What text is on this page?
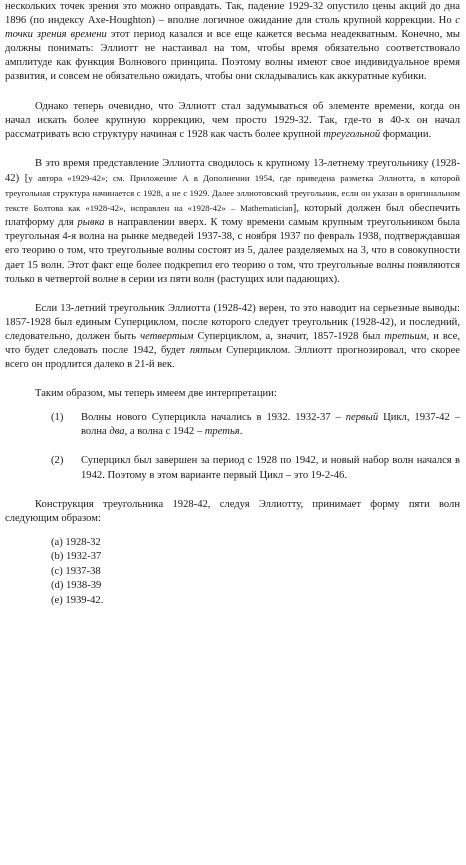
нескольких точек зрения это можно оправдать. Так, падение 1929-32 опустило цены акций до дна 1896 (по индексу Axe-Houghton) – вполне логичное ожидание для столь крупной коррекции. Но с точки зрения времени этот период казался и все еще кажется весьма неадекватным. Конечно, мы должны понимать: Эллиотт не настаивал на том, чтобы время обязательно соответствовало амплитуде как функция Волнового принципа. Поэтому волны имеют свое индивидуальное время развития, и совсем не обязательно ожидать, чтобы они складывались как аккуратные кубики.

Однако теперь очевидно, что Эллиотт стал задумываться об элементе времени, когда он начал искать более крупную коррекцию, чем просто 1929-32. Так, где-то в 40-х он начал рассматривать всю структуру начиная с 1928 как часть более крупной треугольной формации.

В это время представление Эллиотта сводилось к крупному 13-летнему треугольнику (1928-42) [у автора «1929-42»; см. Приложение А в Дополнении 1954, где приведена разметка Эллиотта, в которой треугольная структура начинается с 1928, а не с 1929. Далее эллиотовский треугольник, если он указан в оригинальном тексте Болтова как «1928-42», исправлен на «1928-42» – Mathematician], который должен был обеспечить платформу для рывка в направлении вверх. К тому времени самым крупным треугольником была треугольная 4-я волна на рынке медведей 1937-38, с ноября 1937 по февраль 1938, подтверждавшая его теорию о том, что треугольные волны состоят из 5, далее разделяемых на 3, что в совокупности дает 15 волн. Этот факт еще более подкрепил его теорию о том, что треугольные волны появляются только в четвертой волне в серии из пяти волн (растущих или падающих).

Если 13-летний треугольник Эллиотта (1928-42) верен, то это наводит на серьезные выводы: 1857-1928 был единым Суперциклом, после которого следует треугольник (1928-42), и последний, следовательно, должен быть четвертым Суперциклом, а, значит, 1857-1928 был третьим, и все, что будет следовать после 1942, будет пятым Суперциклом. Эллиотт прогнозировал, что скорее всего он продлится далеко в 21-й век.

Таким образом, мы теперь имеем две интерпретации:

(1)	Волны нового Суперцикла начались в 1932. 1932-37 – первый Цикл, 1937-42 – волна два, а волна с 1942 – третья.

(2)	Суперцикл был завершен за период с 1928 по 1942, и новый набор волн начался в 1942. Поэтому в этом варианте первый Цикл – это 19-2-46.

Конструкция треугольника 1928-42, следуя Эллиотту, принимает форму пяти волн следующим образом:

(a) 1928-32
(b) 1932-37
(c) 1937-38
(d) 1938-39
(e) 1939-42.
